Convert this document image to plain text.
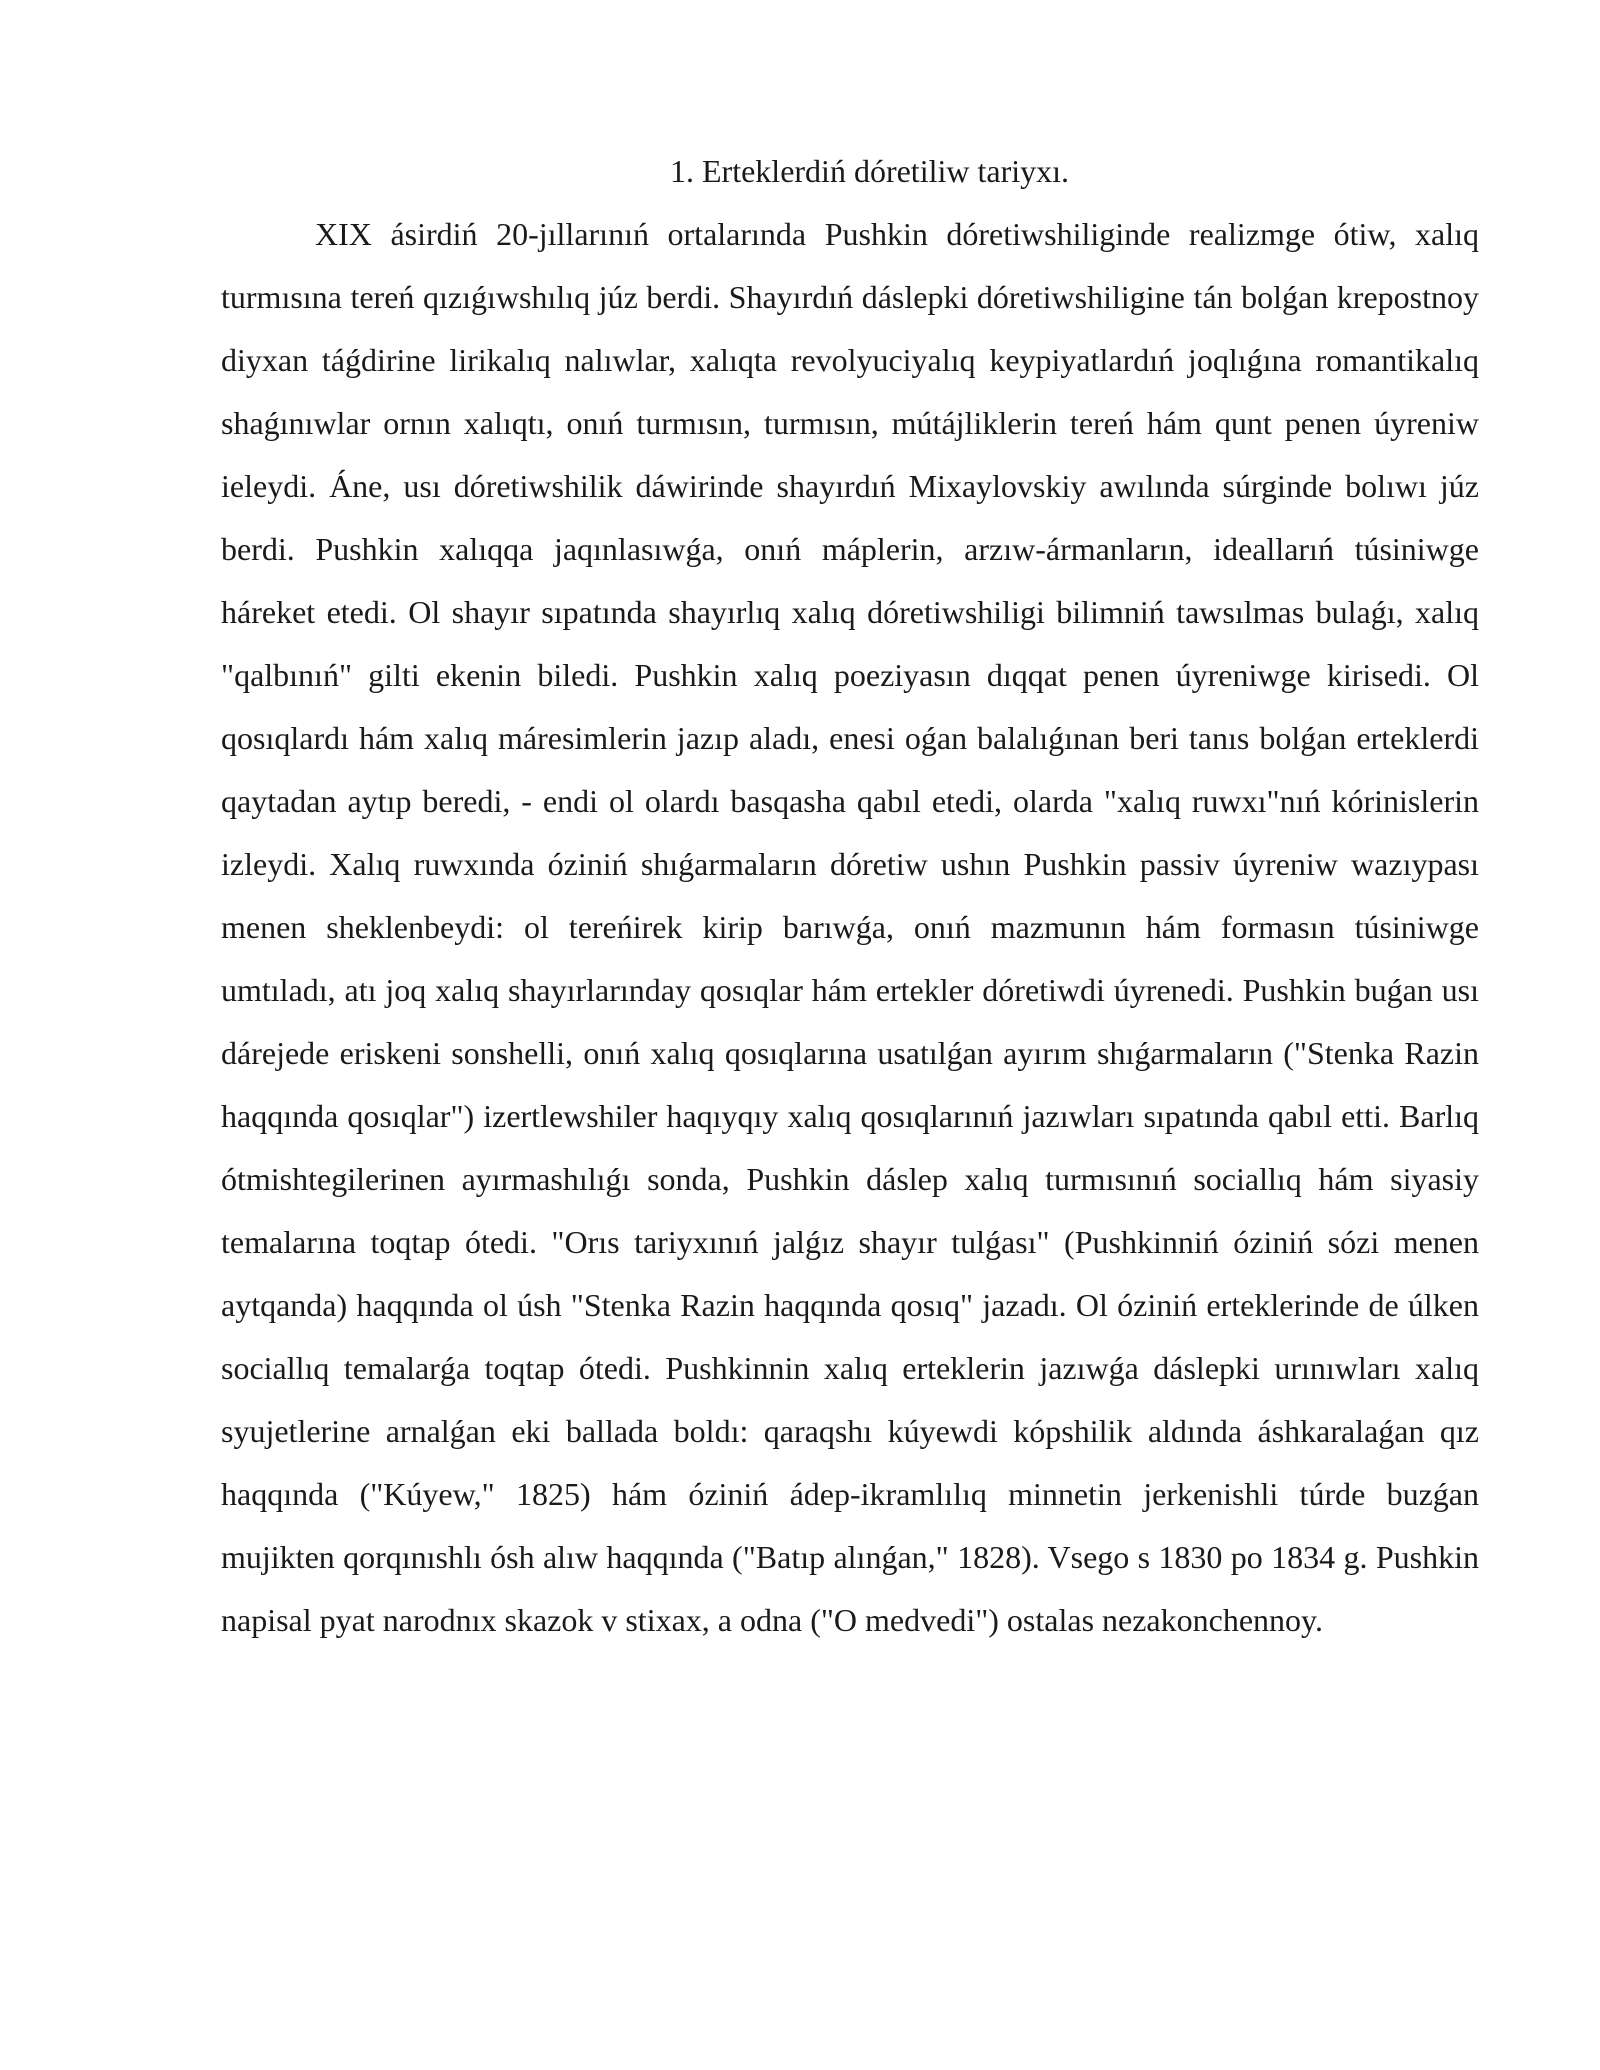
1. Erteklerdiń dóretiliw tariyxı.

XIX ásirdiń 20-jıllarınıń ortalarında Pushkin dóretiwshiliginde realizmge ótiw, xalıq turmısına tereń qızıǵıwshılıq júz berdi. Shayırdıń dáslepki dóretiwshiligine tán bolǵan krepostnoy diyxan táǵdirine lirikalıq nalıwlar, xalıqta revolyuciyalıq keypiyatlardıń joqlıǵına romantikalıq shaǵınıwlar ornın xalıqtı, onıń turmısın, turmısın, mútájliklerin tereń hám qunt penen úyreniw ieleydi. Áne, usı dóretiwshilik dáwirinde shayırdıń Mixaylovskiy awılında súrginde bolıwı júz berdi. Pushkin xalıqqa jaqınlasıwǵa, onıń máplerin, arzıw-ármanların, ideallarıń túsiniwge háreket etedi. Ol shayır sıpatında shayırlıq xalıq dóretiwshiligi bilimniń tawsılmas bulaǵı, xalıq "qalbınıń" gilti ekenin biledi. Pushkin xalıq poeziyasın dıqqat penen úyreniwge kirisedi. Ol qosıqlardı hám xalıq máresimlerin jazıp aladı, enesi oǵan balalıǵınan beri tanıs bolǵan erteklerdi qaytadan aytıp beredi, - endi ol olardı basqasha qabıl etedi, olarda "xalıq ruwxı"nıń kórinislerin izleydi. Xalıq ruwxında óziniń shıǵarmaların dóretiw ushın Pushkin passiv úyreniw wazıypası menen sheklenbeydi: ol tereńirek kirip barıwǵa, onıń mazmunın hám formasın túsiniwge umtıladı, atı joq xalıq shayırlarınday qosıqlar hám ertekler dóretiwdi úyrenedi. Pushkin buǵan usı dárejede eriskeni sonshelli, onıń xalıq qosıqlarına usatılǵan ayırım shıǵarmaların ("Stenka Razin haqqında qosıqlar") izertlewshiler haqıyqıy xalıq qosıqlarınıń jazıwları sıpatında qabıl etti. Barlıq ótmishtegilerinen ayırmashılıǵı sonda, Pushkin dáslep xalıq turmısınıń sociallıq hám siyasiy temalarına toqtap ótedi. "Orıs tariyxınıń jalǵız shayır tulǵası" (Pushkinniń óziniń sózi menen aytqanda) haqqında ol úsh "Stenka Razin haqqında qosıq" jazadı. Ol óziniń erteklerinde de úlken sociallıq temalarǵa toqtap ótedi. Pushkinnin xalıq erteklerin jazıwǵa dáslepki urınıwları xalıq syujetlerine arnalǵan eki ballada boldı: qaraqshı kúyewdi kópshilik aldında áshkaralaǵan qız haqqında ("Kúyew," 1825) hám óziniń ádep-ikramlılıq minnetin jerkenishli túrde buzǵan mujikten qorqınıshlı ósh alıw haqqında ("Batıp alınǵan," 1828). Vsego s 1830 po 1834 g. Pushkin napisal pyat narodnıx skazok v stixax, a odna ("O medvedi") ostalas nezakonchennoy.
